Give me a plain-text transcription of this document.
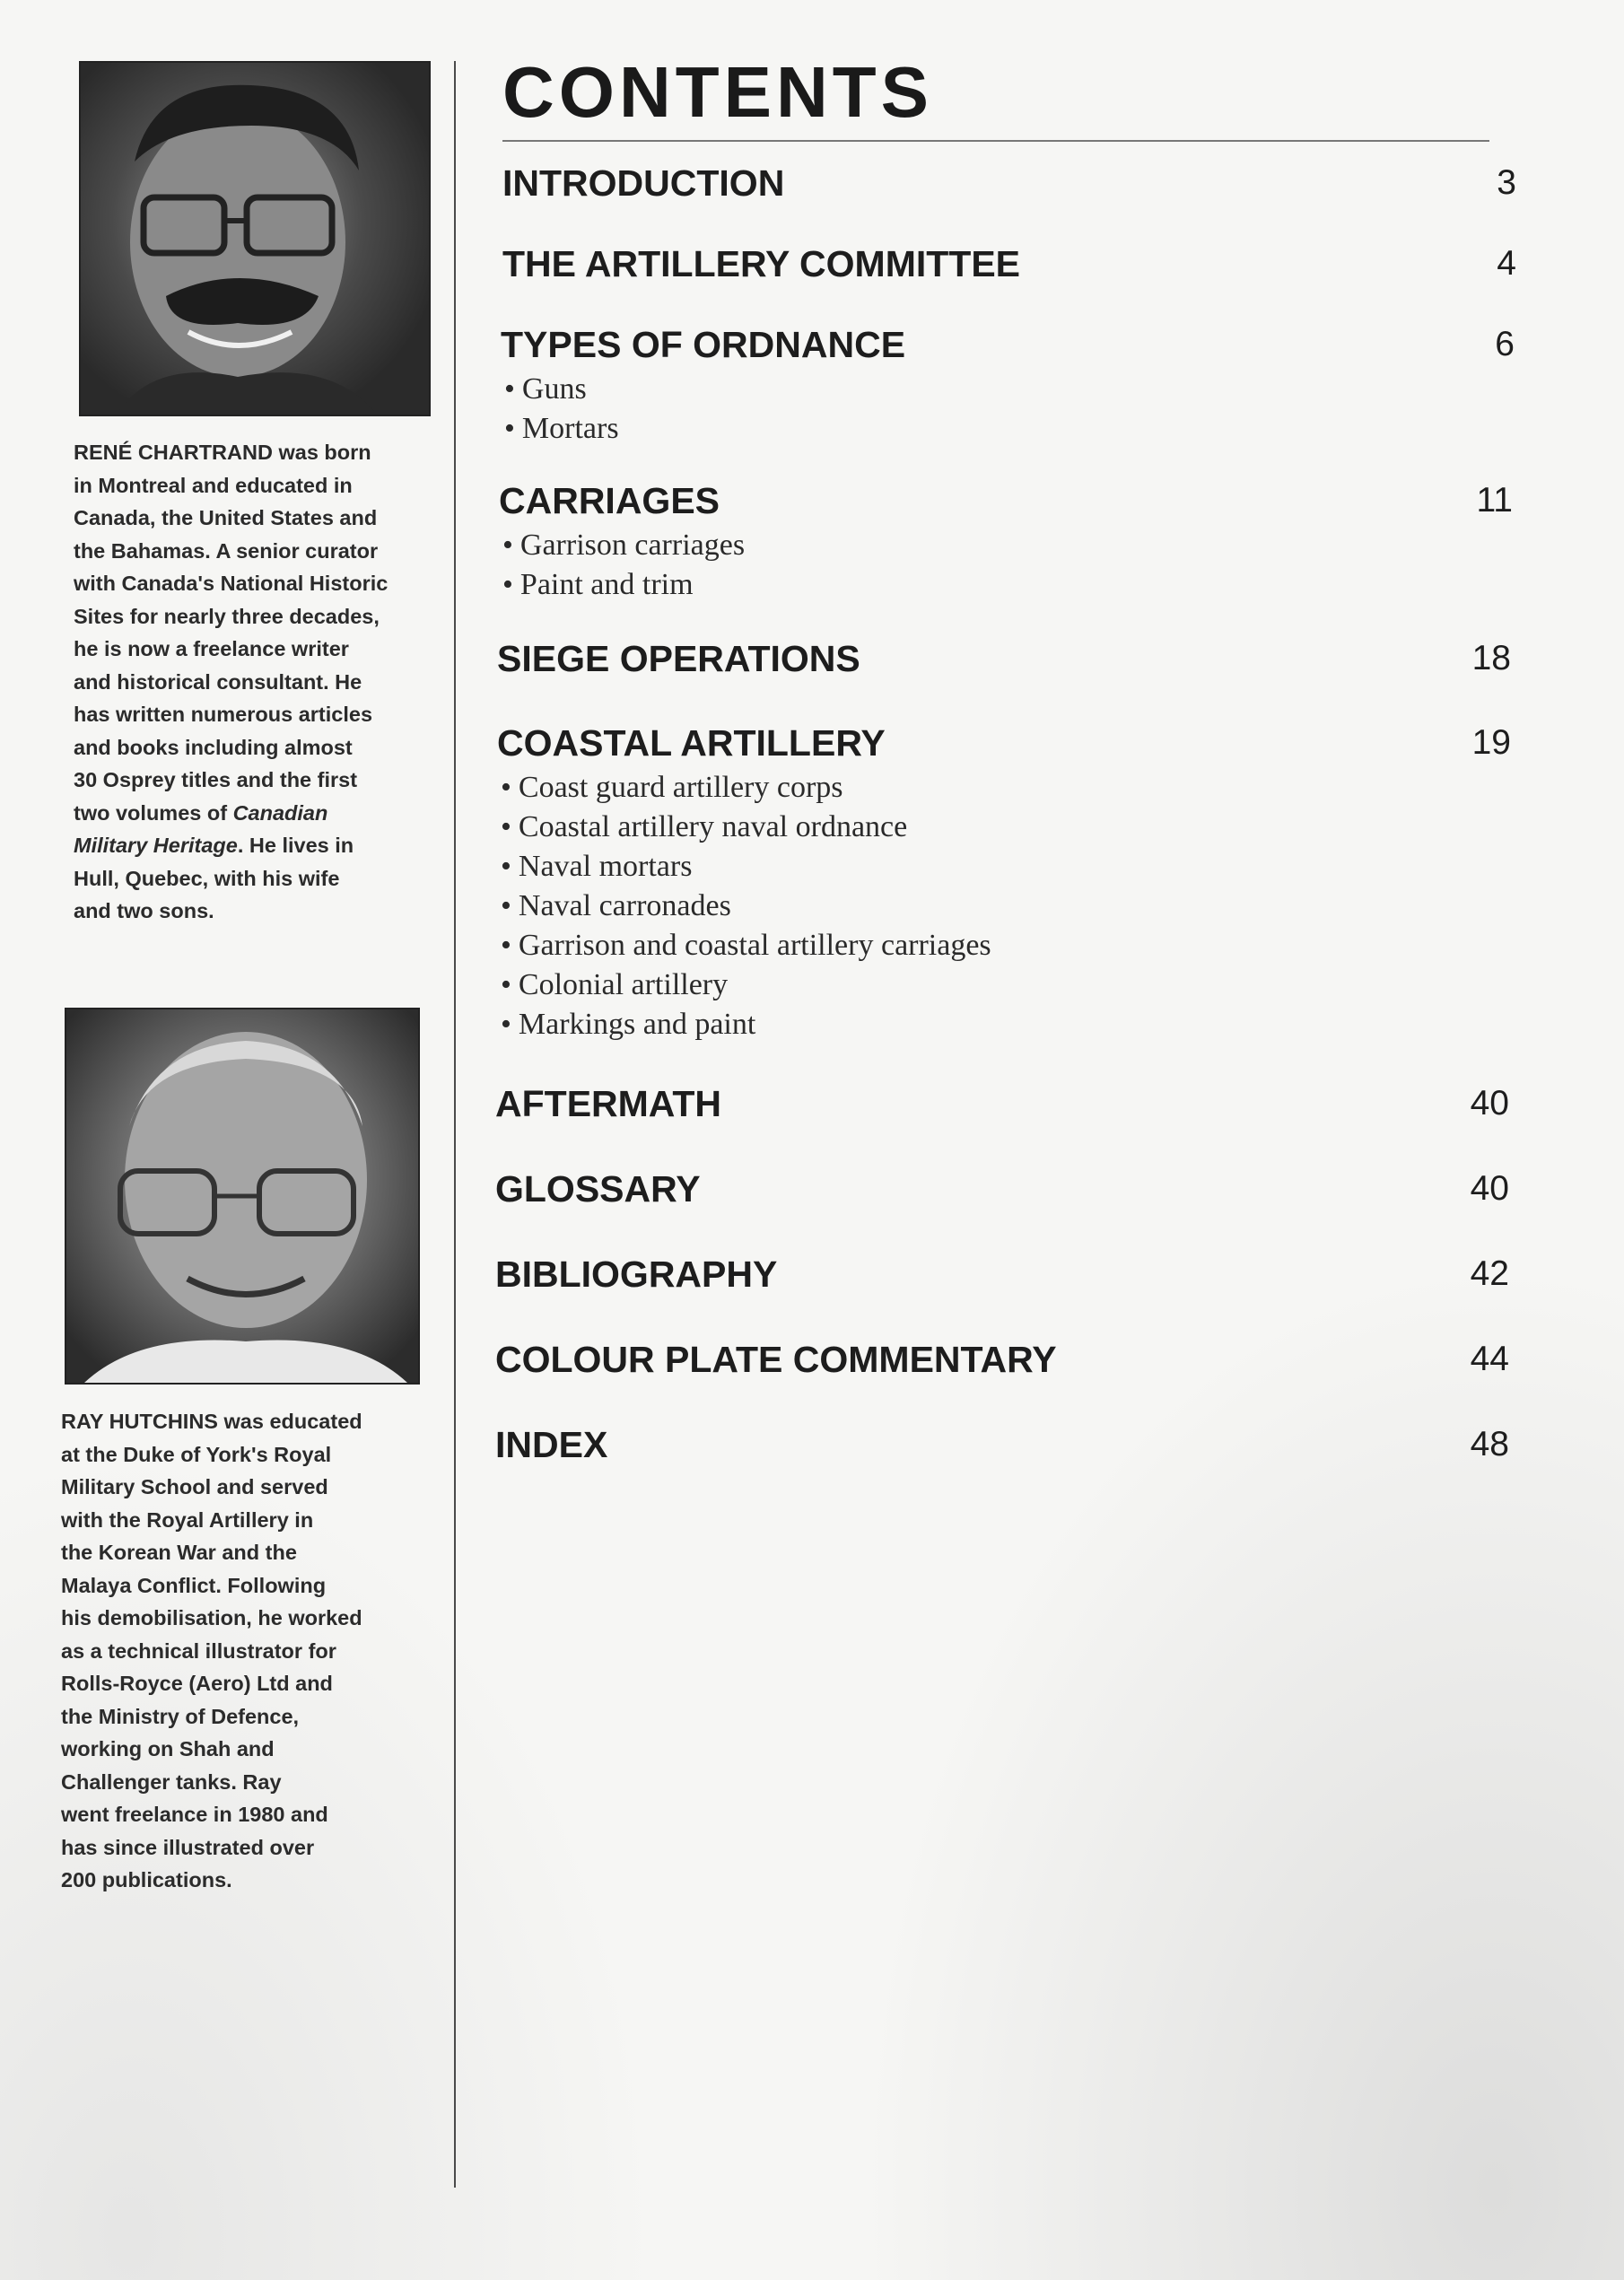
RENÉ CHARTRAND was born
in Montreal and educated in
Canada, the United States and
the Bahamas. A senior curator
with Canada's National Historic
Sites for nearly three decades,
he is now a freelance writer
and historical consultant. He
has written numerous articles
and books including almost
30 Osprey titles and the first
two volumes of Canadian
Military Heritage. He lives in
Hull, Quebec, with his wife
and two sons.
RAY HUTCHINS was educated
at the Duke of York's Royal
Military School and served
with the Royal Artillery in
the Korean War and the
Malaya Conflict. Following
his demobilisation, he worked
as a technical illustrator for
Rolls-Royce (Aero) Ltd and
the Ministry of Defence,
working on Shah and
Challenger tanks. Ray
went freelance in 1980 and
has since illustrated over
200 publications.
CONTENTS
INTRODUCTION	3
THE ARTILLERY COMMITTEE	4
TYPES OF ORDNANCE	6
• Guns
• Mortars
CARRIAGES	11
• Garrison carriages
• Paint and trim
SIEGE OPERATIONS	18
COASTAL ARTILLERY	19
• Coast guard artillery corps
• Coastal artillery naval ordnance
• Naval mortars
• Naval carronades
• Garrison and coastal artillery carriages
• Colonial artillery
• Markings and paint
AFTERMATH	40
GLOSSARY	40
BIBLIOGRAPHY	42
COLOUR PLATE COMMENTARY	44
INDEX	48
